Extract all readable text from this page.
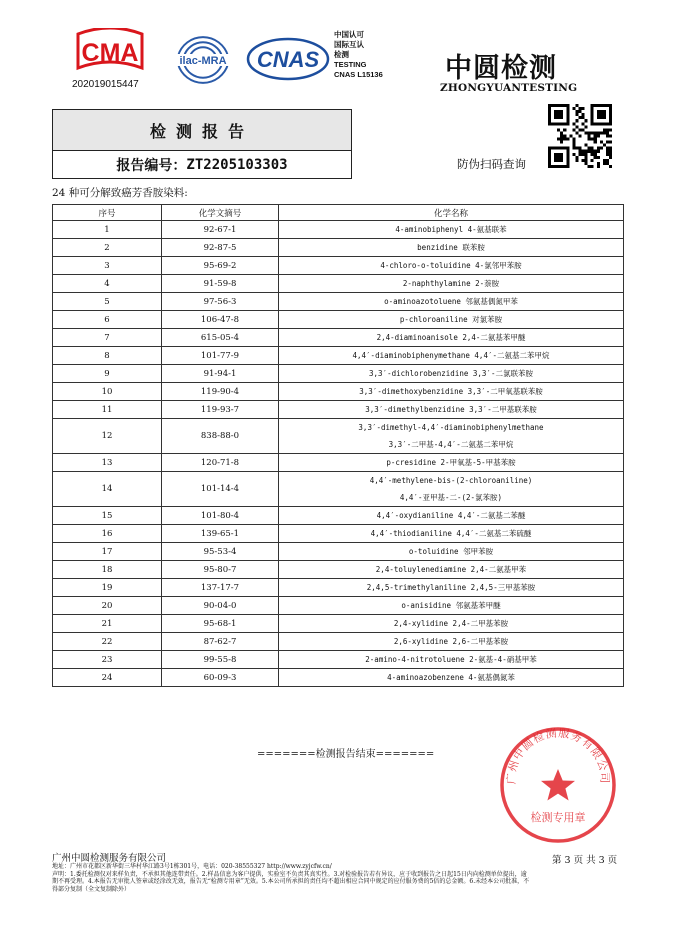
CMA
202019015447
ilac-MRA CNAS
中国认可
国际互认
检测
TESTING
CNAS L15136 中圆检测
ZHONGYUANTESTING
防伪扫码查询
检测报告
报告编号： ZT2205103303
24 种可分解致癌芳香胺染料:
序号	化学文摘号	化学名称
1	92-67-1	4-aminobiphenyl 4-氨基联苯

2	92-87-5	benzidine 联苯胺

3	95-69-2	4-chloro-o-toluidine 4-氯邻甲苯胺

4	91-59-8	2-naphthylamine 2-萘胺

5	97-56-3	o-aminoazotoluene 邻氨基偶氮甲苯

6	106-47-8	p-chloroaniline 对氯苯胺

7	615-05-4	2,4-diaminoanisole 2,4-二氨基苯甲醚

8	101-77-9	4,4′-diaminobiphenymethane 4,4′-二氨基二苯甲烷

9	91-94-1	3,3′-dichlorobenzidine 3,3′-二氯联苯胺

10	119-90-4	3,3′-dimethoxybenzidine 3,3′-二甲氧基联苯胺

11	119-93-7	3,3′-dimethylbenzidine 3,3′-二甲基联苯胺

12	838-88-0	3,3′-dimethyl-4,4′-diaminobiphenylmethane
3,3′-二甲基-4,4′-二氨基二苯甲烷

13	120-71-8	p-cresidine 2-甲氧基-5-甲基苯胺

14	101-14-4	4,4′-methylene-bis-(2-chloroaniline)
4,4′-亚甲基-二-(2-氯苯胺)

15	101-80-4	4,4′-oxydianiline 4,4′-二氨基二苯醚

16	139-65-1	4,4′-thiodianiline 4,4′-二氨基二苯硫醚

17	95-53-4	o-toluidine 邻甲苯胺

18	95-80-7	2,4-toluylenediamine 2,4-二氨基甲苯

19	137-17-7	2,4,5-trimethylaniline 2,4,5-三甲基苯胺

20	90-04-0	o-anisidine 邻氨基苯甲醚

21	95-68-1	2,4-xylidine 2,4-二甲基苯胺

22	87-62-7	2,6-xylidine 2,6-二甲基苯胺

23	99-55-8	2-amino-4-nitrotoluene 2-氨基-4-硝基甲苯

24	60-09-3	4-aminoazobenzene 4-氨基偶氮苯
=======检测报告结束=======
广州中圆检测服务有限公司
检测专用章
广州中圆检测服务有限公司	第 3 页 共 3 页
地址：广州市花都区新华街三华村华江路3号1栋301号，电话：020-38555327 http://www.zyjcfw.cn/
声明：1.委托检测仅对来样负责，不承担其他连带责任。2.样品信息为客户提供，实验室不负责其真实性。3.对检验报告若有异议，应于收到报告之日起15日内向检测单位提出，逾
期不再受理。4.本报告无审批人签章或经涂改无效，报告无“检测专用章”无效。5.本公司所承担的责任均不超出相应合同中规定的应付服务费的5倍的总金额。6.未经本公司批准，不
得部分复制（全文复制除外）
